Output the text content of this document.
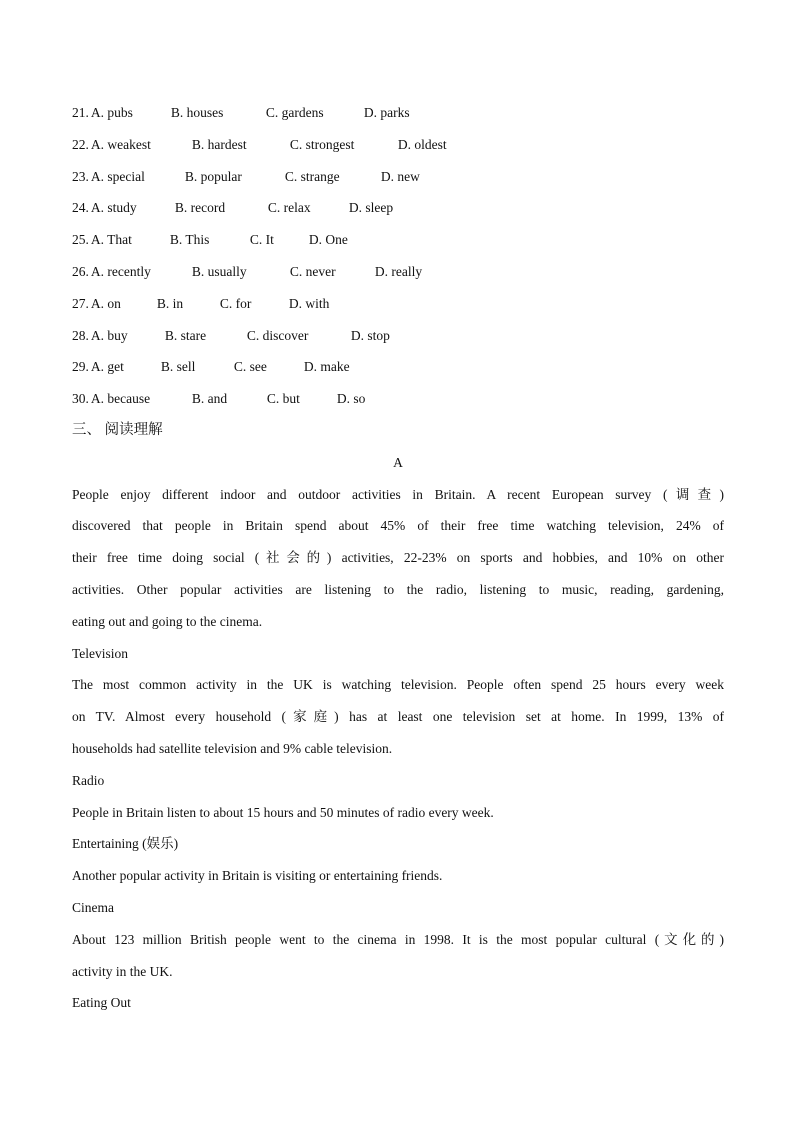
21. A. pubs	B. houses	C. gardens	D. parks
22. A. weakest	B. hardest	C. strongest	D. oldest
23. A. special	B. popular	C. strange	D. new
24. A. study	B. record	C. relax	D. sleep
25. A. That	B. This	C. It	D. One
26. A. recently	B. usually	C. never	D. really
27. A. on	B. in	C. for	D. with
28. A. buy	B. stare	C. discover	D. stop
29. A. get	B. sell	C. see	D. make
30. A. because	B. and	C. but	D. so
三、 阅读理解
A
People enjoy different indoor and outdoor activities in Britain. A recent European survey (调查)
discovered that people in Britain spend about 45% of their free time watching television, 24% of
their free time doing social (社会的) activities, 22-23% on sports and hobbies, and 10% on other
activities. Other popular activities are listening to the radio, listening to music, reading, gardening,
eating out and going to the cinema.
Television
The most common activity in the UK is watching television. People often spend 25 hours every week
on TV. Almost every household (家庭) has at least one television set at home. In 1999, 13% of
households had satellite television and 9% cable television.
Radio
People in Britain listen to about 15 hours and 50 minutes of radio every week.
Entertaining (娱乐)
Another popular activity in Britain is visiting or entertaining friends.
Cinema
About 123 million British people went to the cinema in 1998. It is the most popular cultural (文化的)
activity in the UK.
Eating Out
